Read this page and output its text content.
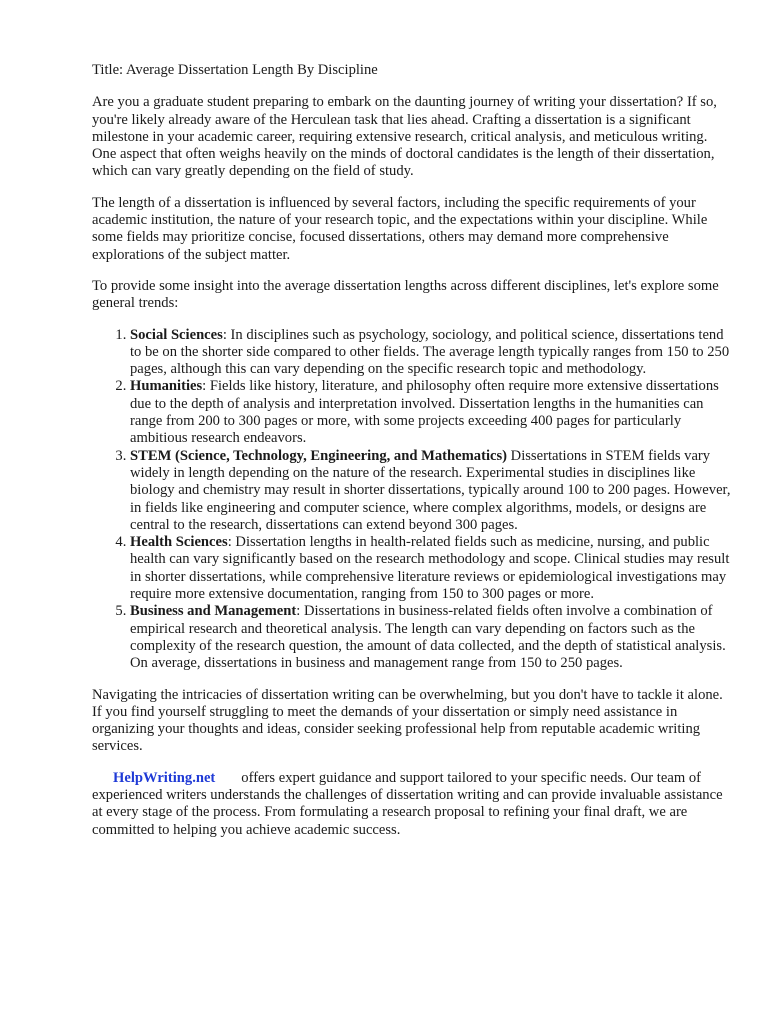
Title: Average Dissertation Length By Discipline

Are you a graduate student preparing to embark on the daunting journey of writing your dissertation? If so, you're likely already aware of the Herculean task that lies ahead. Crafting a dissertation is a significant milestone in your academic career, requiring extensive research, critical analysis, and meticulous writing. One aspect that often weighs heavily on the minds of doctoral candidates is the length of their dissertation, which can vary greatly depending on the field of study.

The length of a dissertation is influenced by several factors, including the specific requirements of your academic institution, the nature of your research topic, and the expectations within your discipline. While some fields may prioritize concise, focused dissertations, others may demand more comprehensive explorations of the subject matter.

To provide some insight into the average dissertation lengths across different disciplines, let's explore some general trends:

1. Social Sciences: In disciplines such as psychology, sociology, and political science, dissertations tend to be on the shorter side compared to other fields. The average length typically ranges from 150 to 250 pages, although this can vary depending on the specific research topic and methodology.
2. Humanities: Fields like history, literature, and philosophy often require more extensive dissertations due to the depth of analysis and interpretation involved. Dissertation lengths in the humanities can range from 200 to 300 pages or more, with some projects exceeding 400 pages for particularly ambitious research endeavors.
3. STEM (Science, Technology, Engineering, and Mathematics) Dissertations in STEM fields vary widely in length depending on the nature of the research. Experimental studies in disciplines like biology and chemistry may result in shorter dissertations, typically around 100 to 200 pages. However, in fields like engineering and computer science, where complex algorithms, models, or designs are central to the research, dissertations can extend beyond 300 pages.
4. Health Sciences: Dissertation lengths in health-related fields such as medicine, nursing, and public health can vary significantly based on the research methodology and scope. Clinical studies may result in shorter dissertations, while comprehensive literature reviews or epidemiological investigations may require more extensive documentation, ranging from 150 to 300 pages or more.
5. Business and Management: Dissertations in business-related fields often involve a combination of empirical research and theoretical analysis. The length can vary depending on factors such as the complexity of the research question, the amount of data collected, and the depth of statistical analysis. On average, dissertations in business and management range from 150 to 250 pages.

Navigating the intricacies of dissertation writing can be overwhelming, but you don't have to tackle it alone. If you find yourself struggling to meet the demands of your dissertation or simply need assistance in organizing your thoughts and ideas, consider seeking professional help from reputable academic writing services.

HelpWriting.net offers expert guidance and support tailored to your specific needs. Our team of experienced writers understands the challenges of dissertation writing and can provide invaluable assistance at every stage of the process. From formulating a research proposal to refining your final draft, we are committed to helping you achieve academic success.
